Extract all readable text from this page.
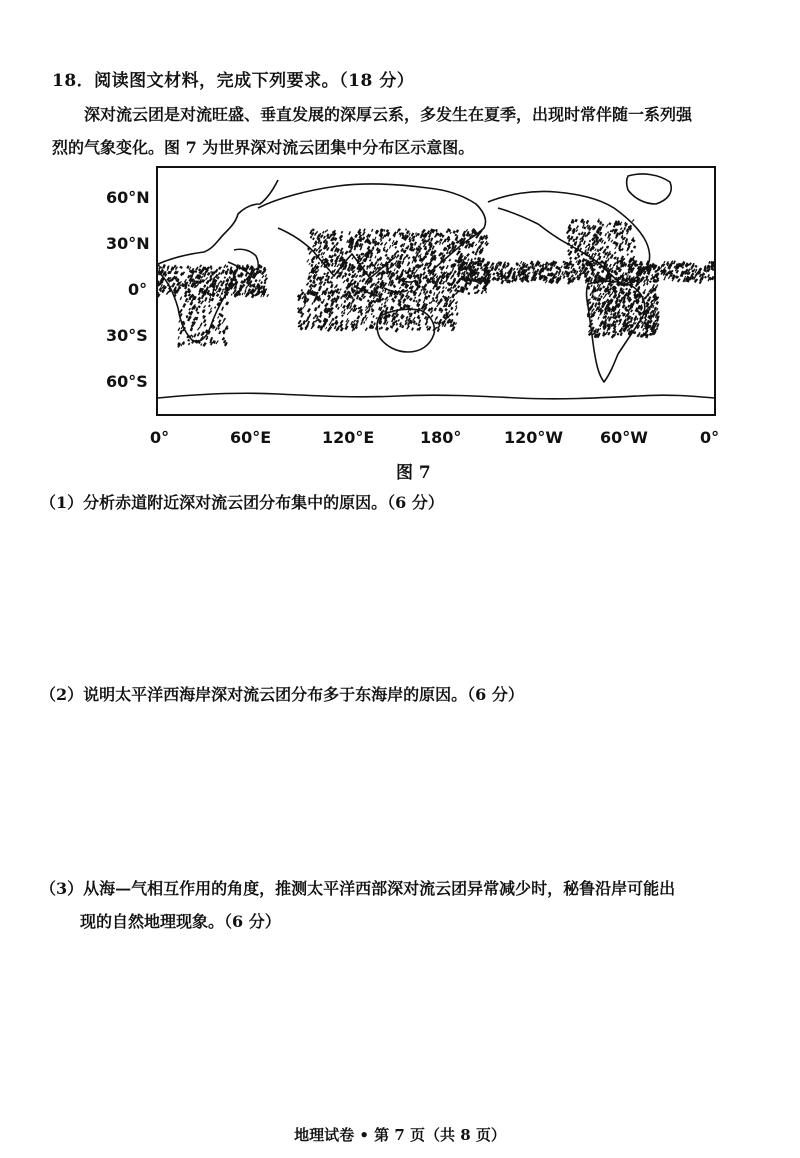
18．阅读图文材料，完成下列要求。（18 分）
深对流云团是对流旺盛、垂直发展的深厚云系，多发生在夏季，出现时常伴随一系列强
烈的气象变化。图 7 为世界深对流云团集中分布区示意图。
60°N
30°N
0°
30°S
60°S
0°	60°E	120°E	180°	120°W 60°W	0°
图 7
（1）分析赤道附近深对流云团分布集中的原因。（6 分）
（2）说明太平洋西海岸深对流云团分布多于东海岸的原因。（6 分）
（3）从海—气相互作用的角度，推测太平洋西部深对流云团异常减少时，秘鲁沿岸可能出
现的自然地理现象。（6 分）
地理试卷 • 第 7 页（共 8 页）
